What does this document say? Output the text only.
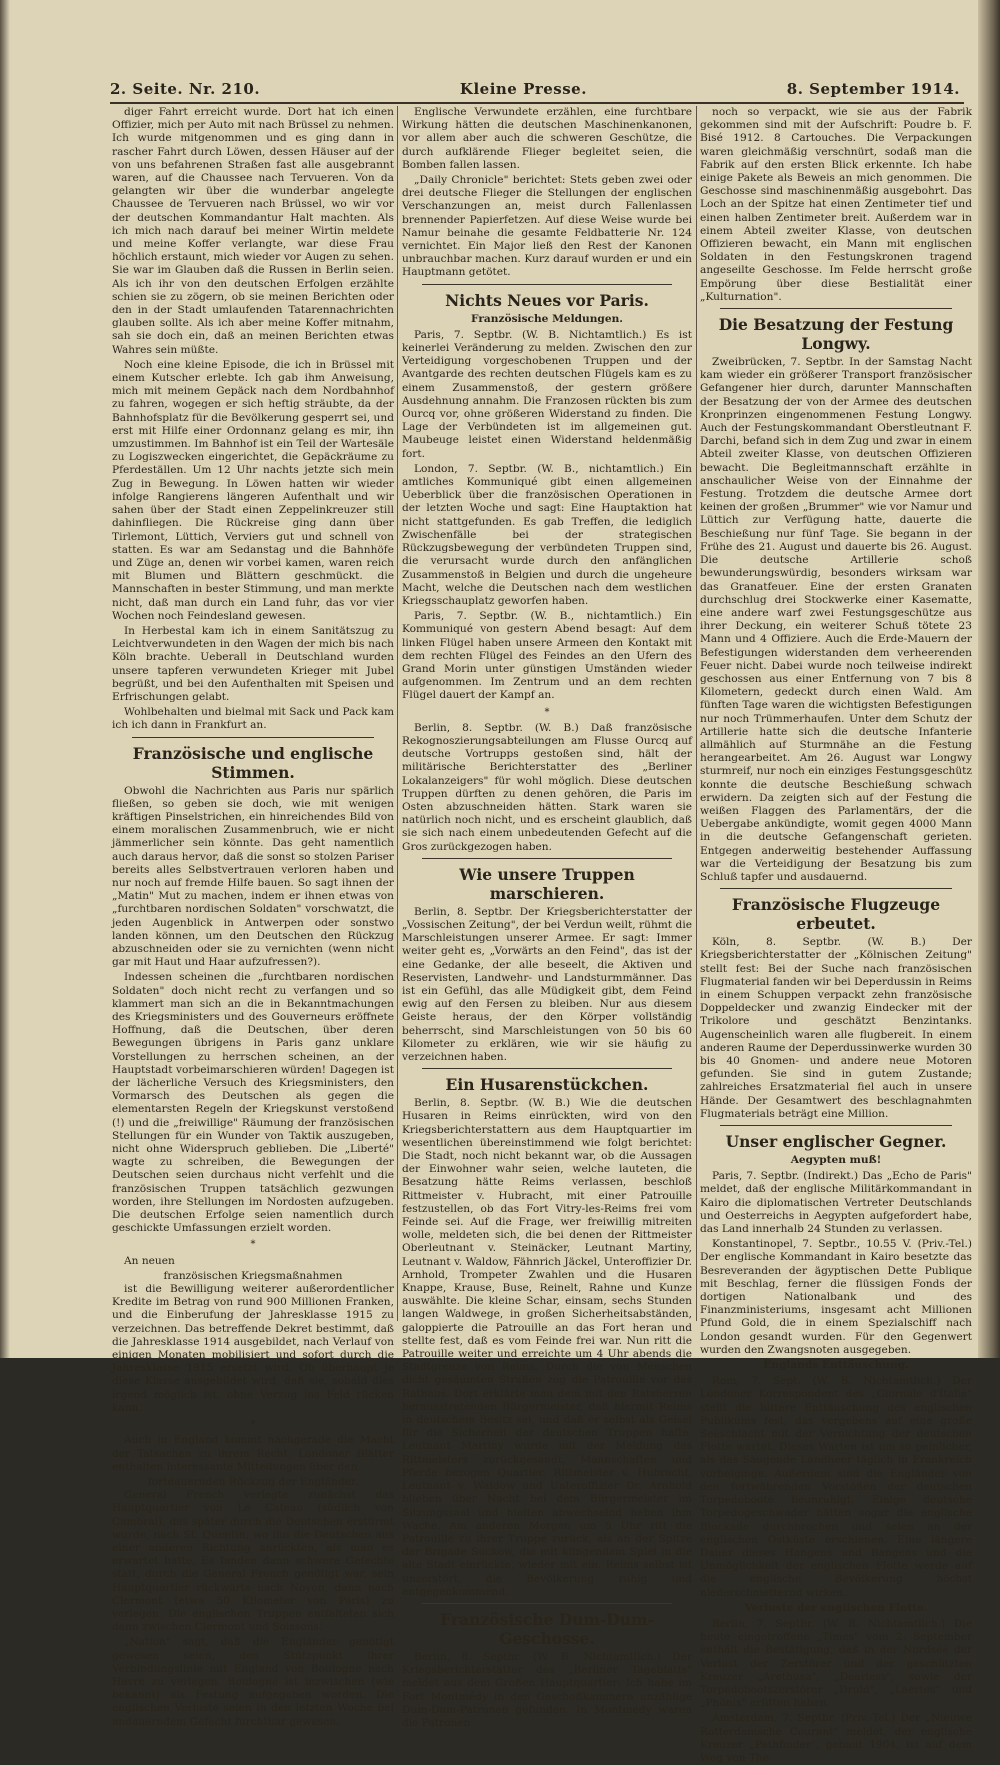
2. Seite. Nr. 210.	Kleine Presse.	8. September 1914.

diger Fahrt erreicht wurde. Dort hat ich einen Offizier, mich per Auto mit nach Brüssel zu nehmen. Ich wurde mitgenommen und es ging dann in rascher Fahrt durch Löwen, dessen Häuser auf der von uns befahrenen Straßen fast alle ausgebrannt waren, auf die Chaussee nach Tervueren. Von da gelangten wir über die wunderbar angelegte Chaussee de Tervueren nach Brüssel, wo wir vor der deutschen Kommandantur Halt machten. Als ich mich nach darauf bei meiner Wirtin meldete und meine Koffer verlangte, war diese Frau höchlich erstaunt, mich wieder vor Augen zu sehen. Sie war im Glauben daß die Russen in Berlin seien. Als ich ihr von den deutschen Erfolgen erzählte schien sie zu zögern, ob sie meinen Berichten oder den in der Stadt umlaufenden Tatarennachrichten glauben sollte. Als ich aber meine Koffer mitnahm, sah sie doch ein, daß an meinen Berichten etwas Wahres sein müßte.

Noch eine kleine Episode, die ich in Brüssel mit einem Kutscher erlebte. Ich gab ihm Anweisung, mich mit meinem Gepäck nach dem Nordbahnhof zu fahren, wogegen er sich heftig sträubte, da der Bahnhofsplatz für die Bevölkerung gesperrt sei, und erst mit Hilfe einer Ordonnanz gelang es mir, ihn umzustimmen. Im Bahnhof ist ein Teil der Wartesäle zu Logiszwecken eingerichtet, die Gepäckräume zu Pferdeställen. Um 12 Uhr nachts jetzte sich mein Zug in Bewegung. In Löwen hatten wir wieder infolge Rangierens längeren Aufenthalt und wir sahen über der Stadt einen Zeppelinkreuzer still dahinfliegen. Die Rückreise ging dann über Tirlemont, Lüttich, Verviers gut und schnell von statten. Es war am Sedanstag und die Bahnhöfe und Züge an, denen wir vorbei kamen, waren reich mit Blumen und Blättern geschmückt. die Mannschaften in bester Stimmung, und man merkte nicht, daß man durch ein Land fuhr, das vor vier Wochen noch Feindesland gewesen.

In Herbestal kam ich in einem Sanitätszug zu Leichtverwundeten in den Wagen der mich bis nach Köln brachte. Ueberall in Deutschland wurden unsere tapferen verwundeten Krieger mit Jubel begrüßt, und bei den Aufenthalten mit Speisen und Erfrischungen gelabt.

Wohlbehalten und bielmal mit Sack und Pack kam ich ich dann in Frankfurt an.

Französische und englische Stimmen.

Obwohl die Nachrichten aus Paris nur spärlich fließen, so geben sie doch, wie mit wenigen kräftigen Pinselstrichen, ein hinreichendes Bild von einem moralischen Zusammenbruch, wie er nicht jämmerlicher sein könnte. Das geht namentlich auch daraus hervor, daß die sonst so stolzen Pariser bereits alles Selbstvertrauen verloren haben und nur noch auf fremde Hilfe bauen. So sagt ihnen der „Matin" Mut zu machen, indem er ihnen etwas von „furchtbaren nordischen Soldaten" vorschwatzt, die jeden Augenblick in Antwerpen oder sonstwo landen können, um den Deutschen den Rückzug abzuschneiden oder sie zu vernichten (wenn nicht gar mit Haut und Haar aufzufressen?).

Indessen scheinen die „furchtbaren nordischen Soldaten" doch nicht recht zu verfangen und so klammert man sich an die in Bekanntmachungen des Kriegsministers und des Gouverneurs eröffnete Hoffnung, daß die Deutschen, über deren Bewegungen übrigens in Paris ganz unklare Vorstellungen zu herrschen scheinen, an der Hauptstadt vorbeimarschieren würden! Dagegen ist der lächerliche Versuch des Kriegsministers, den Vormarsch des Deutschen als gegen die elementarsten Regeln der Kriegskunst verstoßend (!) und die „freiwillige" Räumung der französischen Stellungen für ein Wunder von Taktik auszugeben, nicht ohne Widerspruch geblieben. Die „Liberté" wagte zu schreiben, die Bewegungen der Deutschen seien durchaus nicht verfehlt und die französischen Truppen tatsächlich gezwungen worden, ihre Stellungen im Nordosten aufzugeben. Die deutschen Erfolge seien namentlich durch geschickte Umfassungen erzielt worden.

*

An neuen

französischen Kriegsmaßnahmen

ist die Bewilligung weiterer außerordentlicher Kredite im Betrag von rund 900 Millionen Franken, und die Einberufung der Jahresklasse 1915 zu verzeichnen. Das betreffende Dekret bestimmt, daß die Jahresklasse 1914 ausgebildet, nach Verlauf von einigen Monaten mobilisiert und sofort durch die Jahresklasse 1915 ersetzt wird. Ob überhaupt je diese Klasse ausgebildet wird, daß sie, sobald dies irgend möglich ist, ohne Verzug ins Feld rücken kann.

*

Auch in England kommt nachgerade die Macht der Tatsachen zu ihrem Recht. Londoner Blätter enthalten interessante Mitteilungen über den

fortdauernden Rückzug der Engländer.

General French verlegte zunächst das Hauptquartier von Le Cateau (südlich von Cambrai), das später durch die Deutschen erstürmt wurde, nach St. Quentin, wo ihn die Deutschen aus einer anderen Richtung anrückten, als man es erwartet hatte. Es fanden dann schwere Gefechte statt, durch die General French genötigt war, sein Hauptquartier rückwärts nach Noyon, dann nach Clermont (etwa 50 Kilometer von Paris) zu verlegen. Die englischen Truppen entfalteten sich dann zwischen Clermont und Soissons.

„Nation" sagt, daß die Engländer genötigt gewesen seien, den Stützpunkt ihrer Verbindungslinie mit England von Boulogne nach Havre zu verlegen. Boulogne ist inzwischen (wie bekannt) als Festung aufgegeben worden. Die englischen Verluste seien in den letzten Woche bei andauerndem Gefecht furchtbar gewesen.

Englische Verwundete erzählen, eine furchtbare Wirkung hätten die deutschen Maschinenkanonen, vor allem aber auch die schweren Geschütze, die durch aufklärende Flieger begleitet seien, die Bomben fallen lassen.

„Daily Chronicle" berichtet: Stets geben zwei oder drei deutsche Flieger die Stellungen der englischen Verschanzungen an, meist durch Fallenlassen brennender Papierfetzen. Auf diese Weise wurde bei Namur beinahe die gesamte Feldbatterie Nr. 124 vernichtet. Ein Major ließ den Rest der Kanonen unbrauchbar machen. Kurz darauf wurden er und ein Hauptmann getötet.

Nichts Neues vor Paris.
Französische Meldungen.

Paris, 7. Septbr. (W. B. Nichtamtlich.) Es ist keinerlei Veränderung zu melden. Zwischen den zur Verteidigung vorgeschobenen Truppen und der Avantgarde des rechten deutschen Flügels kam es zu einem Zusammenstoß, der gestern größere Ausdehnung annahm. Die Franzosen rückten bis zum Ourcq vor, ohne größeren Widerstand zu finden. Die Lage der Verbündeten ist im allgemeinen gut. Maubeuge leistet einen Widerstand heldenmäßig fort.

London, 7. Septbr. (W. B., nichtamtlich.) Ein amtliches Kommuniqué gibt einen allgemeinen Ueberblick über die französischen Operationen in der letzten Woche und sagt: Eine Hauptaktion hat nicht stattgefunden. Es gab Treffen, die lediglich Zwischenfälle bei der strategischen Rückzugsbewegung der verbündeten Truppen sind, die verursacht wurde durch den anfänglichen Zusammenstoß in Belgien und durch die ungeheure Macht, welche die Deutschen nach dem westlichen Kriegsschauplatz geworfen haben.

Paris, 7. Septbr. (W. B., nichtamtlich.) Ein Kommuniqué von gestern Abend besagt: Auf dem linken Flügel haben unsere Armeen den Kontakt mit dem rechten Flügel des Feindes an den Ufern des Grand Morin unter günstigen Umständen wieder aufgenommen. Im Zentrum und an dem rechten Flügel dauert der Kampf an.

*

Berlin, 8. Septbr. (W. B.) Daß französische Rekognoszierungsabteilungen am Flusse Ourcq auf deutsche Vortrupps gestoßen sind, hält der militärische Berichterstatter des „Berliner Lokalanzeigers" für wohl möglich. Diese deutschen Truppen dürften zu denen gehören, die Paris im Osten abzuschneiden hätten. Stark waren sie natürlich noch nicht, und es erscheint glaublich, daß sie sich nach einem unbedeutenden Gefecht auf die Gros zurückgezogen haben.

Wie unsere Truppen marschieren.

Berlin, 8. Septbr. Der Kriegsberichterstatter der „Vossischen Zeitung", der bei Verdun weilt, rühmt die Marschleistungen unserer Armee. Er sagt: Immer weiter geht es, „Vorwärts an den Feind", das ist der eine Gedanke, der alle beseelt, die Aktiven und Reservisten, Landwehr- und Landsturmmänner. Das ist ein Gefühl, das alle Müdigkeit gibt, dem Feind ewig auf den Fersen zu bleiben. Nur aus diesem Geiste heraus, der den Körper vollständig beherrscht, sind Marschleistungen von 50 bis 60 Kilometer zu erklären, wie wir sie häufig zu verzeichnen haben.

Ein Husarenstückchen.

Berlin, 8. Septbr. (W. B.) Wie die deutschen Husaren in Reims einrückten, wird von den Kriegsberichterstattern aus dem Hauptquartier im wesentlichen übereinstimmend wie folgt berichtet: Die Stadt, noch nicht bekannt war, ob die Aussagen der Einwohner wahr seien, welche lauteten, die Besatzung hätte Reims verlassen, beschloß Rittmeister v. Hubracht, mit einer Patrouille festzustellen, ob das Fort Vitry-les-Reims frei vom Feinde sei. Auf die Frage, wer freiwillig mitreiten wolle, meldeten sich, die bei denen der Rittmeister Oberleutnant v. Steinäcker, Leutnant Martiny, Leutnant v. Waldow, Fähnrich Jäckel, Unteroffizier Dr. Arnhold, Trompeter Zwahlen und die Husaren Knappe, Krause, Buse, Reinelt, Rahne und Kunze auswählte. Die kleine Schar, einsam, sechs Stunden langen Waldwege, in großen Sicherheitsabständen, galoppierte die Patrouille an das Fort heran und stellte fest, daß es vom Feinde frei war. Nun ritt die Patrouille weiter und erreichte um 4 Uhr abends die Stadtgrenze von Reims. Durch die von Menschen dicht gesäumten Straßen zog die Patrouille vor das Rathaus. Dort erklärte man dem mit den Ratsherren herausstretenden Bürgermeister, daß hiermit Reims in deutschem Besitz sei, und daß er selbst als Geisel für die Sicherheit der deutschen Truppen hafte. Leutnant Martiny wurde mit der Meldung des Rittmeisters zurückgesandt, Mannschaften und Pferde bezogen Quartier. Rittmeister v. Hubracht, Leutnant v. Waldow und Unteroffizier Dr. Arnhold blieben über Nacht bei dem Bürgermeister im Sitzungssaal und hielten abwechselnd neben ihm Wache. Am anderen Morgen um 5 Uhr ritt die Patrouille zu ihrer Truppe zurück, als an der Spitze der Brigade Suckow, die mit klingendem Spiel in die alte Stadt einrückte, wieder mit ein. Reims selbst ist unzerstört, die Bevölkerung ruhig und entgegenkommend.

Französische Dum-Dum-Geschosse.

Berlin, 8. Septbr. (W. B. Nichtamtlich.) Der Kriegsberichterstatter des „Berliner Tageblatts" meldet aus dem Großen Hauptquartier: Ich habe im Fort Montmédy in den Geschoßkammern unzählige Dum-Dum-Patronen gefunden. In Montmedy waren die Patronen

noch so verpackt, wie sie aus der Fabrik gekommen sind mit der Aufschrift: Poudre b. F. Bisé 1912. 8 Cartouches. Die Verpackungen waren gleichmäßig verschnürt, sodaß man die Fabrik auf den ersten Blick erkennte. Ich habe einige Pakete als Beweis an mich genommen. Die Geschosse sind maschinenmäßig ausgebohrt. Das Loch an der Spitze hat einen Zentimeter tief und einen halben Zentimeter breit. Außerdem war in einem Abteil zweiter Klasse, von deutschen Offizieren bewacht, ein Mann mit englischen Soldaten in den Festungskronen tragend angeseilte Geschosse. Im Felde herrscht große Empörung über diese Bestialität einer „Kulturnation".

Die Besatzung der Festung Longwy.

Zweibrücken, 7. Septbr. In der Samstag Nacht kam wieder ein größerer Transport französischer Gefangener hier durch, darunter Mannschaften der Besatzung der von der Armee des deutschen Kronprinzen eingenommenen Festung Longwy. Auch der Festungskommandant Oberstleutnant F. Darchi, befand sich in dem Zug und zwar in einem Abteil zweiter Klasse, von deutschen Offizieren bewacht. Die Begleitmannschaft erzählte in anschaulicher Weise von der Einnahme der Festung. Trotzdem die deutsche Armee dort keinen der großen „Brummer" wie vor Namur und Lüttich zur Verfügung hatte, dauerte die Beschießung nur fünf Tage. Sie begann in der Frühe des 21. August und dauerte bis 26. August. Die deutsche Artillerie schoß bewunderungswürdig, besonders wirksam war das Granatfeuer. Eine der ersten Granaten durchschlug drei Stockwerke einer Kasematte, eine andere warf zwei Festungsgeschütze aus ihrer Deckung, ein weiterer Schuß tötete 23 Mann und 4 Offiziere. Auch die Erde-Mauern der Befestigungen widerstanden dem verheerenden Feuer nicht. Dabei wurde noch teilweise indirekt geschossen aus einer Entfernung von 7 bis 8 Kilometern, gedeckt durch einen Wald. Am fünften Tage waren die wichtigsten Befestigungen nur noch Trümmerhaufen. Unter dem Schutz der Artillerie hatte sich die deutsche Infanterie allmählich auf Sturmnähe an die Festung herangearbeitet. Am 26. August war Longwy sturmreif, nur noch ein einziges Festungsgeschütz konnte die deutsche Beschießung schwach erwidern. Da zeigten sich auf der Festung die weißen Flaggen des Parlamentärs, der die Uebergabe ankündigte, womit gegen 4000 Mann in die deutsche Gefangenschaft gerieten. Entgegen anderweitig bestehender Auffassung war die Verteidigung der Besatzung bis zum Schluß tapfer und ausdauernd.

Französische Flugzeuge erbeutet.

Köln, 8. Septbr. (W. B.) Der Kriegsberichterstatter der „Kölnischen Zeitung" stellt fest: Bei der Suche nach französischen Flugmaterial fanden wir bei Deperdussin in Reims in einem Schuppen verpackt zehn französische Doppeldecker und zwanzig Eindecker mit der Trikolore und geschätzt Benzintanks. Augenscheinlich waren alle flugbereit. In einem anderen Raume der Deperdussinwerke wurden 30 bis 40 Gnomen- und andere neue Motoren gefunden. Sie sind in gutem Zustande; zahlreiches Ersatzmaterial fiel auch in unsere Hände. Der Gesamtwert des beschlagnahmten Flugmaterials beträgt eine Million.

Unser englischer Gegner.
Aegypten muß!

Paris, 7. Septbr. (Indirekt.) Das „Echo de Paris" meldet, daß der englische Militärkommandant in Kairo die diplomatischen Vertreter Deutschlands und Oesterreichs in Aegypten aufgefordert habe, das Land innerhalb 24 Stunden zu verlassen.

Konstantinopel, 7. Septbr., 10.55 V. (Priv.-Tel.) Der englische Kommandant in Kairo besetzte das Besreveranden der ägyptischen Dette Publique mit Beschlag, ferner die flüssigen Fonds der dortigen Nationalbank und des Finanzministeriums, insgesamt acht Millionen Pfund Gold, die in einem Spezialschiff nach London gesandt wurden. Für den Gegenwert wurden den Zwangsnoten ausgegeben.

Englands Enttäuschung.

Rom, 7. Sept. (W. B. Nichtamtlich.) Der Londoner Korrespondent des „Giornale d'Italia" stellt die bittere Enttäuschung des englischen Publikums fest, das vergebens auf eine große Seeschlacht mit der Vernichtung der deutschen Flotte wartet. Dieses Warten ist um so peinlicher, als das Saugende Landheer täglich in Frankreich vorbeiginge. Außerdem sind die Engländer von den fortwährenden Vorstößen der deutschen Torpedoboote beunruhigt. Einige deutsche Torpedogeschwader hätten sogar die englische Blockade durchbrochen und seien an der englischen Ostküste erschienen. Eine längere Dauer dieses Hangens und Bangens und die Unmöglichkeit der englischen Flotte werde auf die englische Bevölkerung höchst niederschmetternd wirken.

Verluste der englischen Flotte.

Berlin, 7. Septbr. (W. B. Nichtamtlich.) Die heute eingetroffene „Times" vom 2. September enthält die Bestätigung, daß in der Nordsee der Verlust der Zerstörer und der geschützten Kreuzer „Arethusa", „Dearless", sowie der Torpedobootszerstörer „Druid", „Laertes" und „Phönix" erlitten haben.

Amsterdam, 7. Septbr. (Priv.-Tel.) Der „Nieuwe Rotterdamsche Courant" meldet, der englische Kreuzer „Pathfinder", gebaut 1904, ist auf dem Weg von The
